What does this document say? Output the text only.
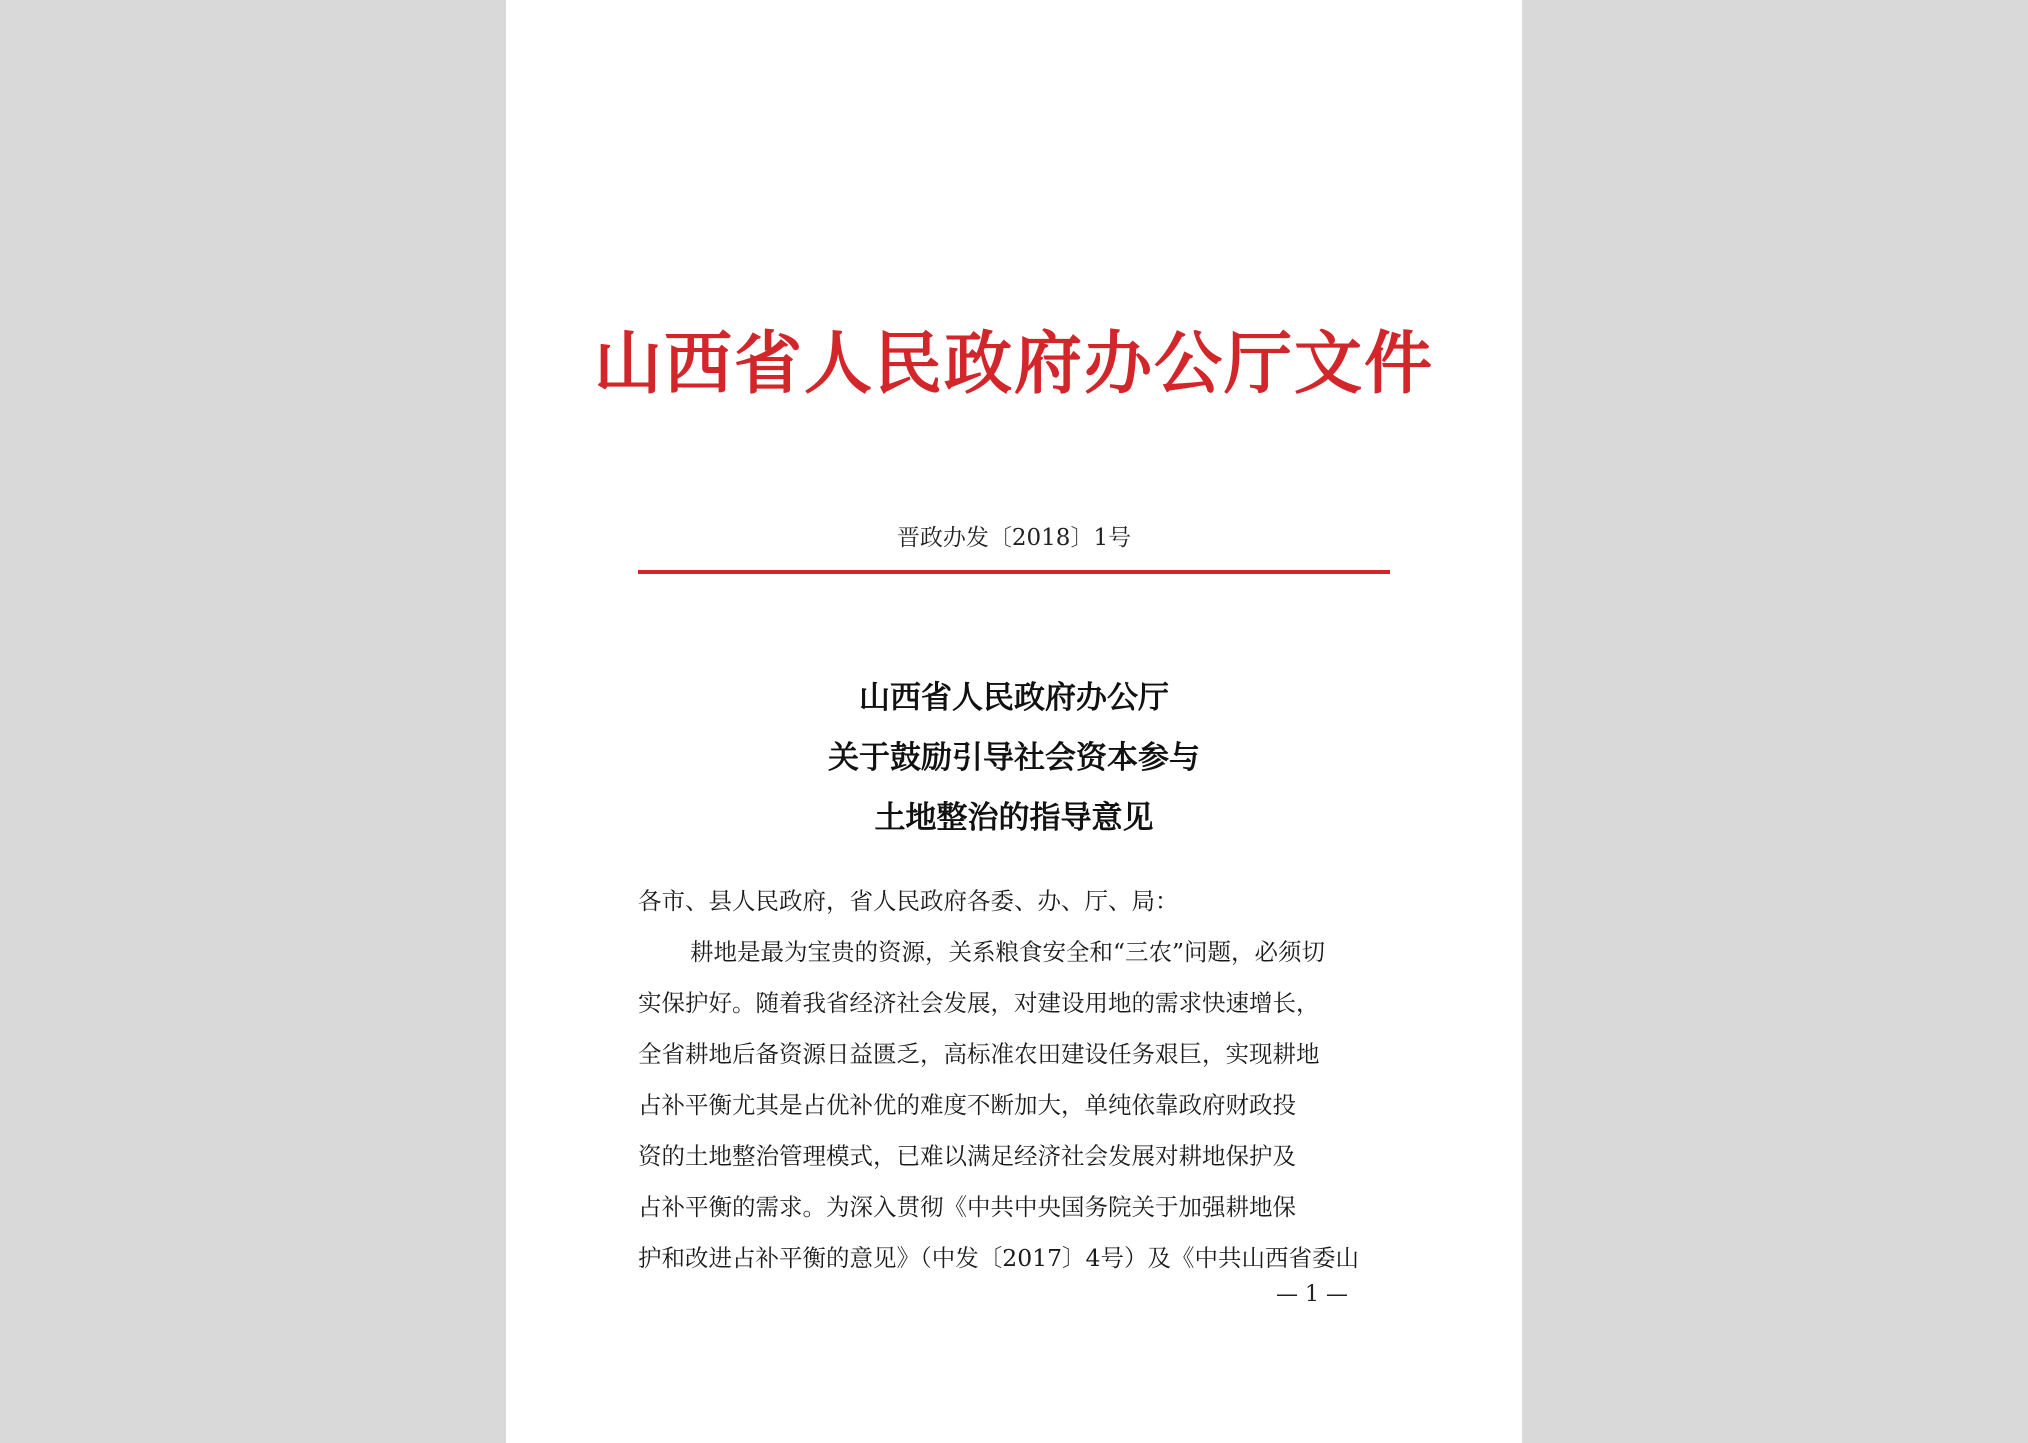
山西省人民政府办公厅文件
晋政办发〔2018〕1号
山西省人民政府办公厅
关于鼓励引导社会资本参与
土地整治的指导意见
各市、县人民政府，省人民政府各委、办、厅、局：
耕地是最为宝贵的资源，关系粮食安全和“三农”问题，必须切
实保护好。随着我省经济社会发展，对建设用地的需求快速增长，
全省耕地后备资源日益匮乏，高标准农田建设任务艰巨，实现耕地
占补平衡尤其是占优补优的难度不断加大，单纯依靠政府财政投
资的土地整治管理模式，已难以满足经济社会发展对耕地保护及
占补平衡的需求。为深入贯彻《中共中央国务院关于加强耕地保
护和改进占补平衡的意见》（中发〔2017〕4号）及《中共山西省委山
— 1 —
